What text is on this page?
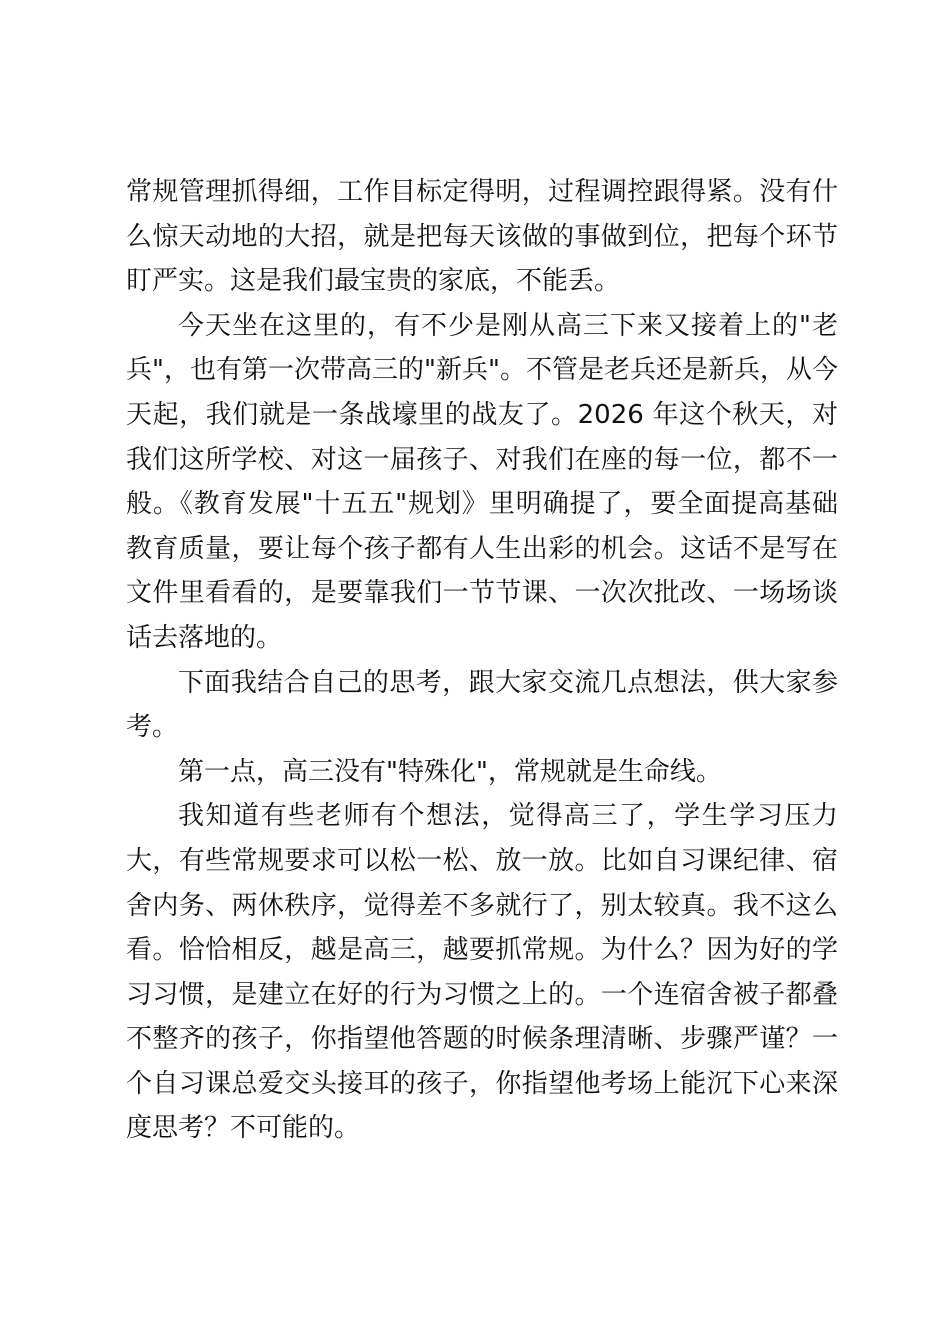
常规管理抓得细，工作目标定得明，过程调控跟得紧。没有什么惊天动地的大招，就是把每天该做的事做到位，把每个环节盯严实。这是我们最宝贵的家底，不能丢。

今天坐在这里的，有不少是刚从高三下来又接着上的"老兵"，也有第一次带高三的"新兵"。不管是老兵还是新兵，从今天起，我们就是一条战壕里的战友了。2026 年这个秋天，对我们这所学校、对这一届孩子、对我们在座的每一位，都不一般。《教育发展"十五五"规划》里明确提了，要全面提高基础教育质量，要让每个孩子都有人生出彩的机会。这话不是写在文件里看看的，是要靠我们一节节课、一次次批改、一场场谈话去落地的。

下面我结合自己的思考，跟大家交流几点想法，供大家参考。

第一点，高三没有"特殊化"，常规就是生命线。

我知道有些老师有个想法，觉得高三了，学生学习压力大，有些常规要求可以松一松、放一放。比如自习课纪律、宿舍内务、两休秩序，觉得差不多就行了，别太较真。我不这么看。恰恰相反，越是高三，越要抓常规。为什么？因为好的学习习惯，是建立在好的行为习惯之上的。一个连宿舍被子都叠不整齐的孩子，你指望他答题的时候条理清晰、步骤严谨？一个自习课总爱交头接耳的孩子，你指望他考场上能沉下心来深度思考？不可能的。
